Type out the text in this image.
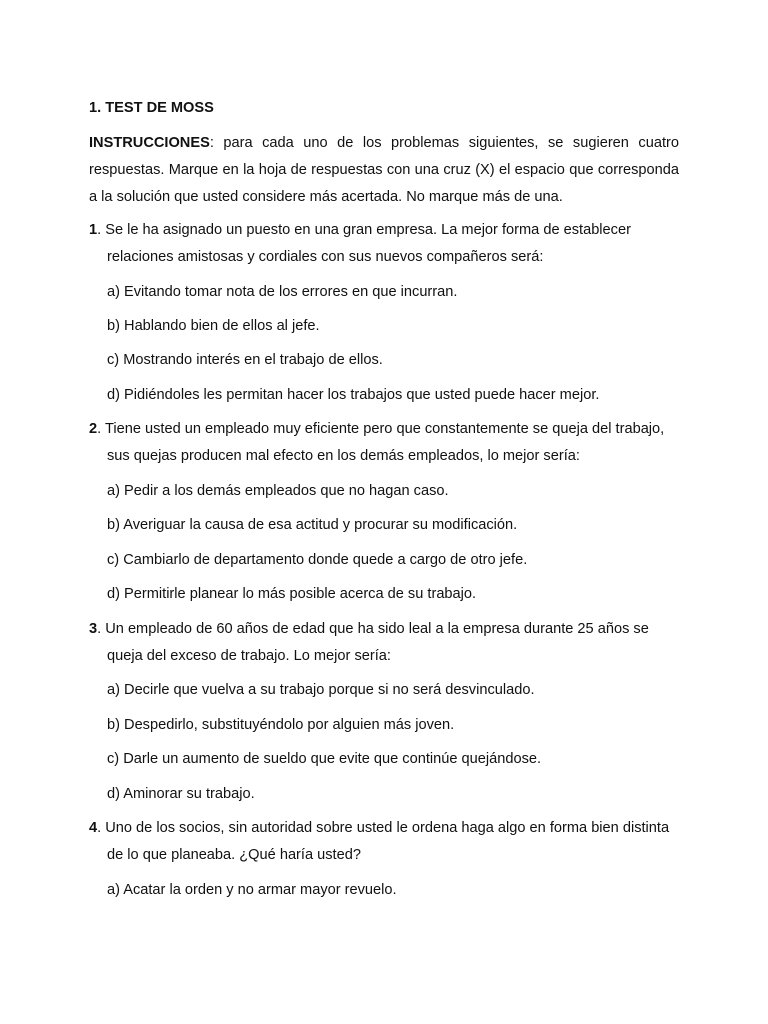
1. TEST DE MOSS

INSTRUCCIONES: para cada uno de los problemas siguientes, se sugieren cuatro respuestas. Marque en la hoja de respuestas con una cruz (X) el espacio que corresponda a la solución que usted considere más acertada. No marque más de una.

1. Se le ha asignado un puesto en una gran empresa. La mejor forma de establecer relaciones amistosas y cordiales con sus nuevos compañeros será:

a) Evitando tomar nota de los errores en que incurran.

b) Hablando bien de ellos al jefe.

c) Mostrando interés en el trabajo de ellos.

d) Pidiéndoles les permitan hacer los trabajos que usted puede hacer mejor.

2. Tiene usted un empleado muy eficiente pero que constantemente se queja del trabajo, sus quejas producen mal efecto en los demás empleados, lo mejor sería:

a) Pedir a los demás empleados que no hagan caso.

b) Averiguar la causa de esa actitud y procurar su modificación.

c) Cambiarlo de departamento donde quede a cargo de otro jefe.

d) Permitirle planear lo más posible acerca de su trabajo.

3. Un empleado de 60 años de edad que ha sido leal a la empresa durante 25 años se queja del exceso de trabajo. Lo mejor sería:

a) Decirle que vuelva a su trabajo porque si no será desvinculado.

b) Despedirlo, substituyéndolo por alguien más joven.

c) Darle un aumento de sueldo que evite que continúe quejándose.

d) Aminorar su trabajo.

4. Uno de los socios, sin autoridad sobre usted le ordena haga algo en forma bien distinta de lo que planeaba. ¿Qué haría usted?

a) Acatar la orden y no armar mayor revuelo.
